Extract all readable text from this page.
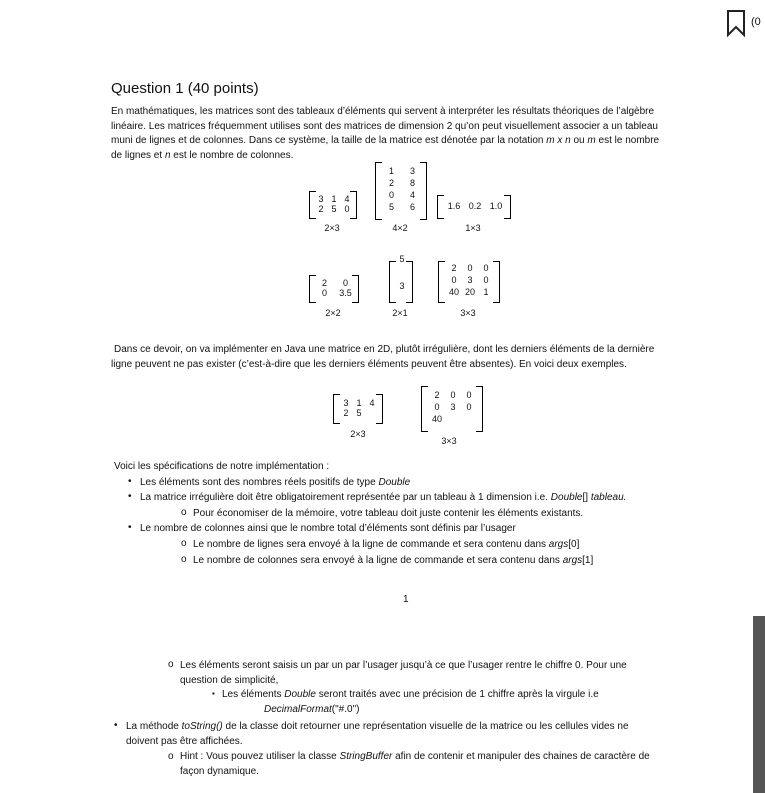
(0
Question 1 (40 points)
En mathématiques, les matrices sont des tableaux d’éléments qui servent à interpréter les résultats théoriques de l’algèbre
linéaire. Les matrices fréquemment utilises sont des matrices de dimension 2 qu’on peut visuellement associer a un tableau
muni de lignes et de colonnes. Dans ce système, la taille de la matrice est dénotée par la notation m x n ou m est le nombre
de lignes et n est le nombre de colonnes.
3 1 4
2 5 0
2×3
1	3
2	8
0	4
5	6
4×2
1.6 0.2 1.0
1×3
2	0
0	3.5
2×2
5
3
2×1
2	0	0
0	3	0
40 20 1
3×3
3 1 4
2 5
2×3
2	0	0
0	3	0
40
3×3
Dans ce devoir, on va implémenter en Java une matrice en 2D, plutôt irrégulière, dont les derniers éléments de la dernière
ligne peuvent ne pas exister (c’est-à-dire que les derniers éléments peuvent être absentes). En voici deux exemples.
Voici les spécifications de notre implémentation :
• Les éléments sont des nombres réels positifs de type Double
• La matrice irrégulière doit être obligatoirement représentée par un tableau à 1 dimension i.e. Double[] tableau.
o Pour économiser de la mémoire, votre tableau doit juste contenir les éléments existants.
• Le nombre de colonnes ainsi que le nombre total d’éléments sont définis par l’usager
o Le nombre de lignes sera envoyé à la ligne de commande et sera contenu dans args[0]
o Le nombre de colonnes sera envoyé à la ligne de commande et sera contenu dans args[1]
1
o Les éléments seront saisis un par un par l’usager jusqu’à ce que l’usager rentre le chiffre 0. Pour une
question de simplicité,
▪ Les éléments Double seront traités avec une précision de 1 chiffre après la virgule i.e
DecimalFormat("#.0")
• La méthode toString() de la classe doit retourner une représentation visuelle de la matrice ou les cellules vides ne
doivent pas être affichées.
o Hint : Vous pouvez utiliser la classe StringBuffer afin de contenir et manipuler des chaines de caractère de
façon dynamique.
